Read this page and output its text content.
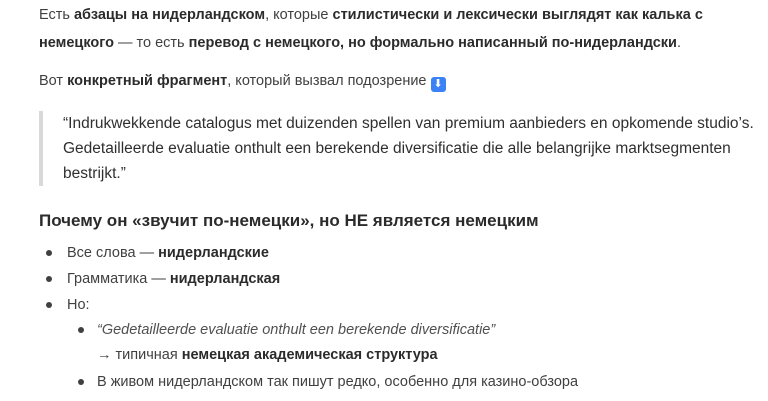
Есть абзацы на нидерландском, которые стилистически и лексически выглядят как калька с
немецкого — то есть перевод с немецкого, но формально написанный по-нидерландски.
Вот конкретный фрагмент, который вызвал подозрение ⬇
“Indrukwekkende catalogus met duizenden spellen van premium aanbieders en opkomende studio’s.
Gedetailleerde evaluatie onthult een berekende diversificatie die alle belangrijke marktsegmenten
bestrijkt.”
Почему он «звучит по-немецки», но НЕ является немецким
Все слова — нидерландские
Грамматика — нидерландская
Но:
“Gedetailleerde evaluatie onthult een berekende diversificatie”
→ типичная немецкая академическая структура
В живом нидерландском так пишут редко, особенно для казино-обзора
